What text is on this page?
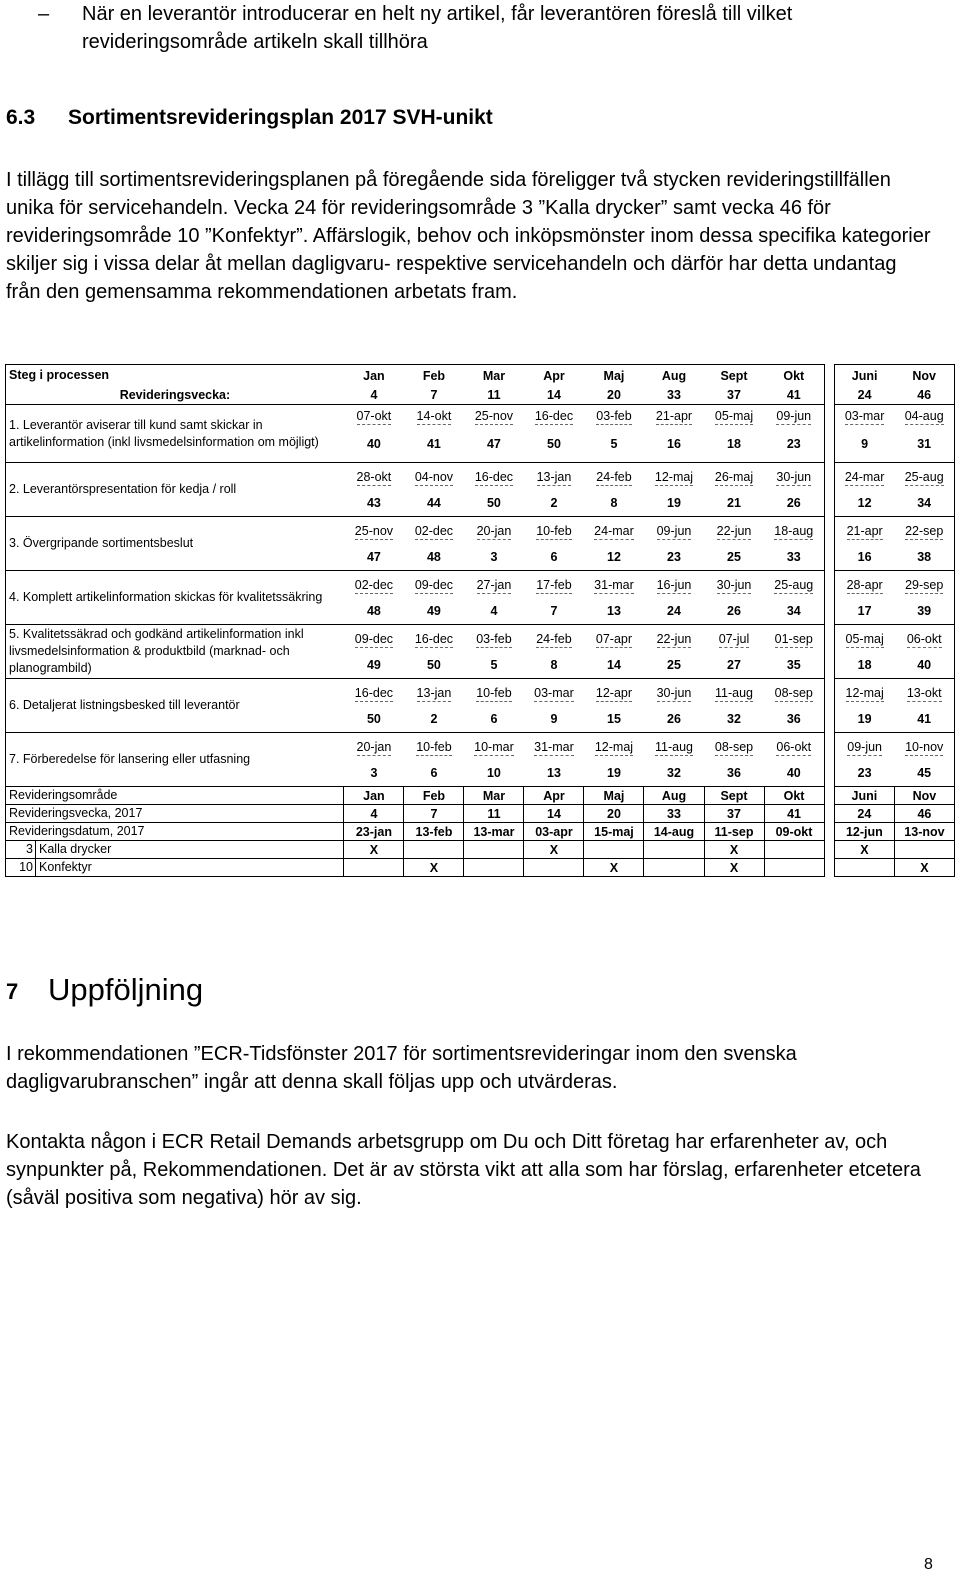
– När en leverantör introducerar en helt ny artikel, får leverantören föreslå till vilket revideringsområde artikeln skall tillhöra
6.3 Sortimentsrevideringsplan 2017 SVH-unikt

I tillägg till sortimentsrevideringsplanen på föregående sida föreligger två stycken revideringstillfällen unika för servicehandeln. Vecka 24 för revideringsområde 3 ”Kalla drycker” samt vecka 46 för revideringsområde 10 ”Konfektyr”. Affärslogik, behov och inköpsmönster inom dessa specifika kategorier skiljer sig i vissa delar åt mellan dagligvaru- respektive servicehandeln och därför har detta undantag från den gemensamma rekommendationen arbetats fram.

Steg i processen	Jan	Feb	Mar	Apr	Maj	Aug	Sept	Okt		Juni	Nov
Revideringsvecka:	4	7	11	14	20	33	37	41		24	46
1. Leverantör aviserar till kund samt skickar in artikelinformation (inkl livsmedelsinformation om möjligt)	07-okt	14-okt	25-nov	16-dec	03-feb	21-apr	05-maj	09-jun		03-mar	04-aug
	40	41	47	50	5	16	18	23		9	31
2. Leverantörspresentation för kedja / roll	28-okt	04-nov	16-dec	13-jan	24-feb	12-maj	26-maj	30-jun		24-mar	25-aug
	43	44	50	2	8	19	21	26		12	34
3. Övergripande sortimentsbeslut	25-nov	02-dec	20-jan	10-feb	24-mar	09-jun	22-jun	18-aug		21-apr	22-sep
	47	48	3	6	12	23	25	33		16	38
4. Komplett artikelinformation skickas för kvalitetssäkring	02-dec	09-dec	27-jan	17-feb	31-mar	16-jun	30-jun	25-aug		28-apr	29-sep
	48	49	4	7	13	24	26	34		17	39
5. Kvalitetssäkrad och godkänd artikelinformation inkl livsmedelsinformation & produktbild (marknad- och planogrambild)	09-dec	16-dec	03-feb	24-feb	07-apr	22-jun	07-jul	01-sep		05-maj	06-okt
	49	50	5	8	14	25	27	35		18	40
6. Detaljerat listningsbesked till leverantör	16-dec	13-jan	10-feb	03-mar	12-apr	30-jun	11-aug	08-sep		12-maj	13-okt
	50	2	6	9	15	26	32	36		19	41
7. Förberedelse för lansering eller utfasning	20-jan	10-feb	10-mar	31-mar	12-maj	11-aug	08-sep	06-okt		09-jun	10-nov
	3	6	10	13	19	32	36	40		23	45
Revideringsområde	Jan	Feb	Mar	Apr	Maj	Aug	Sept	Okt		Juni	Nov
Revideringsvecka, 2017	4	7	11	14	20	33	37	41		24	46
Revideringsdatum, 2017	23-jan	13-feb	13-mar	03-apr	15-maj	14-aug	11-sep	09-okt		12-jun	13-nov
3 Kalla drycker	X			X			X			X	
10 Konfektyr		X			X		X				X
7 Uppföljning

I rekommendationen ”ECR-Tidsfönster 2017 för sortimentsrevideringar inom den svenska dagligvarubranschen” ingår att denna skall följas upp och utvärderas.

Kontakta någon i ECR Retail Demands arbetsgrupp om Du och Ditt företag har erfarenheter av, och synpunkter på, Rekommendationen. Det är av största vikt att alla som har förslag, erfarenheter etcetera (såväl positiva som negativa) hör av sig.

8
